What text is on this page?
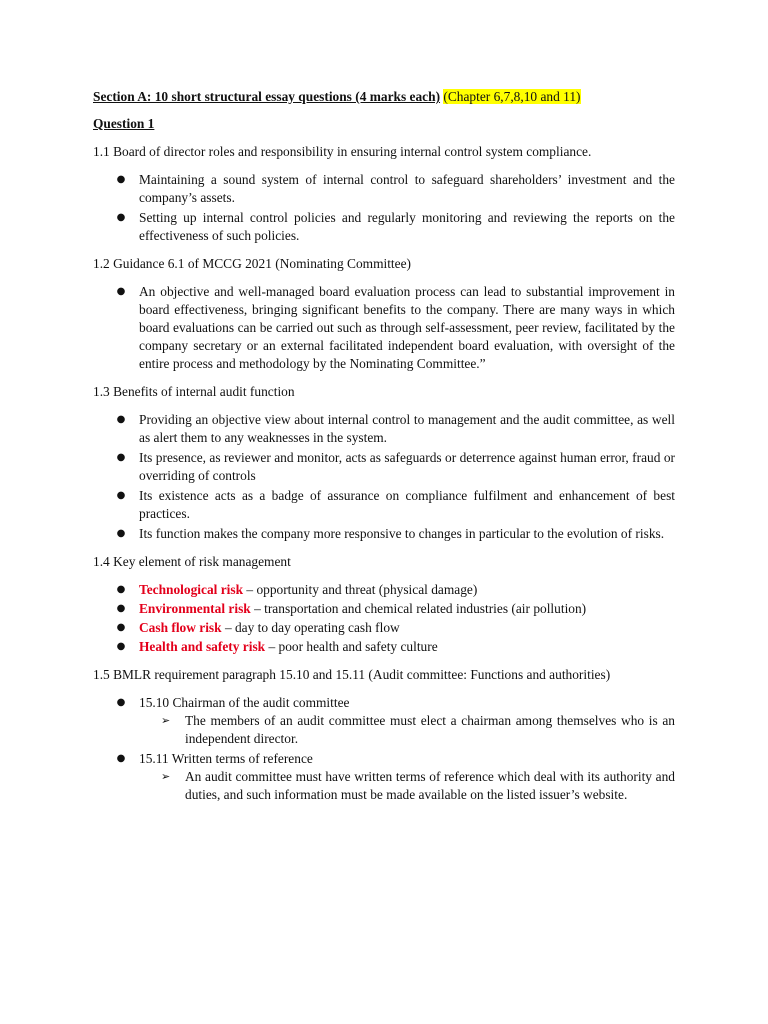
Section A: 10 short structural essay questions (4 marks each) (Chapter 6,7,8,10 and 11)

Question 1

1.1 Board of director roles and responsibility in ensuring internal control system compliance.

● Maintaining a sound system of internal control to safeguard shareholders’ investment and the company’s assets.
● Setting up internal control policies and regularly monitoring and reviewing the reports on the effectiveness of such policies.

1.2 Guidance 6.1 of MCCG 2021 (Nominating Committee)

● An objective and well-managed board evaluation process can lead to substantial improvement in board effectiveness, bringing significant benefits to the company. There are many ways in which board evaluations can be carried out such as through self-assessment, peer review, facilitated by the company secretary or an external facilitated independent board evaluation, with oversight of the entire process and methodology by the Nominating Committee.”

1.3 Benefits of internal audit function

● Providing an objective view about internal control to management and the audit committee, as well as alert them to any weaknesses in the system.
● Its presence, as reviewer and monitor, acts as safeguards or deterrence against human error, fraud or overriding of controls
● Its existence acts as a badge of assurance on compliance fulfilment and enhancement of best practices.
● Its function makes the company more responsive to changes in particular to the evolution of risks.

1.4 Key element of risk management

● Technological risk – opportunity and threat (physical damage)
● Environmental risk – transportation and chemical related industries (air pollution)
● Cash flow risk – day to day operating cash flow
● Health and safety risk – poor health and safety culture

1.5 BMLR requirement paragraph 15.10 and 15.11 (Audit committee: Functions and authorities)

● 15.10 Chairman of the audit committee
➢ The members of an audit committee must elect a chairman among themselves who is an independent director.
● 15.11 Written terms of reference
➢ An audit committee must have written terms of reference which deal with its authority and duties, and such information must be made available on the listed issuer’s website.
